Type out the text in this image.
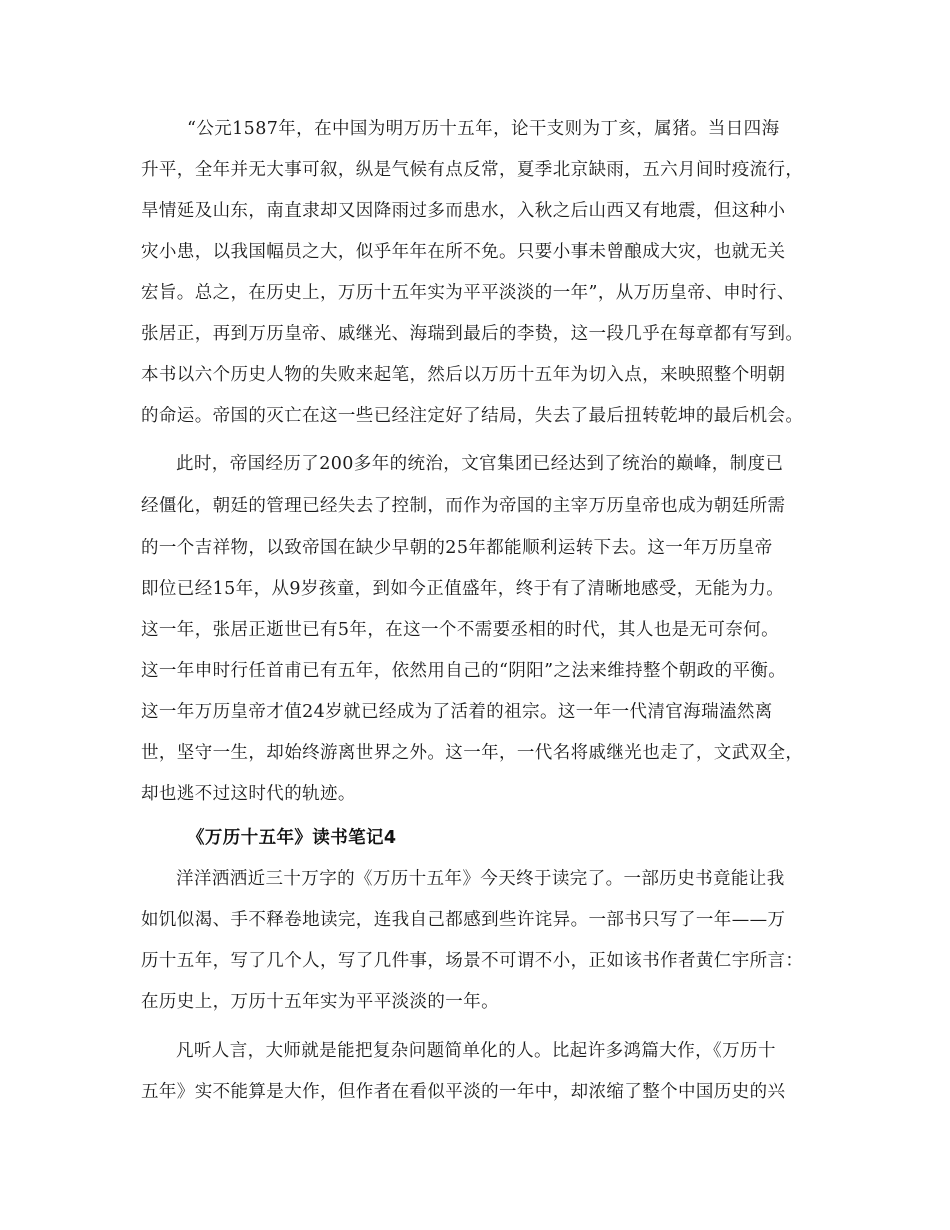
“公元1587年，在中国为明万历十五年，论干支则为丁亥，属猪。当日四海
升平，全年并无大事可叙，纵是气候有点反常，夏季北京缺雨，五六月间时疫流行，
旱情延及山东，南直隶却又因降雨过多而患水，入秋之后山西又有地震，但这种小
灾小患，以我国幅员之大，似乎年年在所不免。只要小事未曾酿成大灾，也就无关
宏旨。总之，在历史上，万历十五年实为平平淡淡的一年”，从万历皇帝、申时行、
张居正，再到万历皇帝、戚继光、海瑞到最后的李贽，这一段几乎在每章都有写到。
本书以六个历史人物的失败来起笔，然后以万历十五年为切入点，来映照整个明朝
的命运。帝国的灭亡在这一些已经注定好了结局，失去了最后扭转乾坤的最后机会。
此时，帝国经历了200多年的统治，文官集团已经达到了统治的巅峰，制度已
经僵化，朝廷的管理已经失去了控制，而作为帝国的主宰万历皇帝也成为朝廷所需
的一个吉祥物，以致帝国在缺少早朝的25年都能顺利运转下去。这一年万历皇帝
即位已经15年，从9岁孩童，到如今正值盛年，终于有了清晰地感受，无能为力。
这一年，张居正逝世已有5年，在这一个不需要丞相的时代，其人也是无可奈何。
这一年申时行任首甫已有五年，依然用自己的“阴阳”之法来维持整个朝政的平衡。
这一年万历皇帝才值24岁就已经成为了活着的祖宗。这一年一代清官海瑞溘然离
世，坚守一生，却始终游离世界之外。这一年，一代名将戚继光也走了，文武双全，
却也逃不过这时代的轨迹。
《万历十五年》读书笔记4
洋洋洒洒近三十万字的《万历十五年》今天终于读完了。一部历史书竟能让我
如饥似渴、手不释卷地读完，连我自己都感到些许诧异。一部书只写了一年——万
历十五年，写了几个人，写了几件事，场景不可谓不小，正如该书作者黄仁宇所言：
在历史上，万历十五年实为平平淡淡的一年。
凡听人言，大师就是能把复杂问题简单化的人。比起许多鸿篇大作，《万历十
五年》实不能算是大作，但作者在看似平淡的一年中，却浓缩了整个中国历史的兴
